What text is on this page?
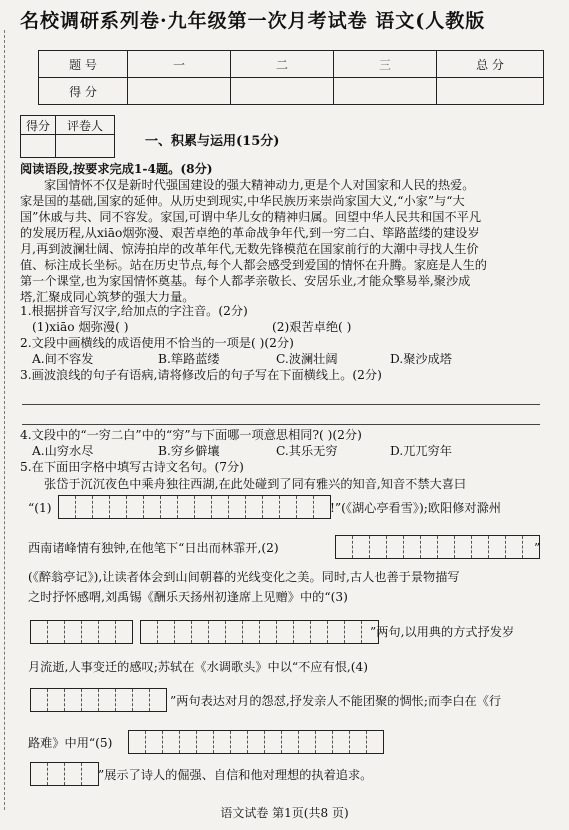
名校调研系列卷·九年级第一次月考试卷 语文(人教版
题 号	一	二	三	总 分
得 分				
得分	评卷人

一、积累与运用(15分)
阅读语段,按要求完成1-4题。(8分)
家国情怀不仅是新时代强国建设的强大精神动力,更是个人对国家和人民的热爱。
家是国的基础,国家的延伸。从历史到现实,中华民族历来崇尚家国大义,“小家”与“大
国”休戚与共、同不容发。家国,可谓中华儿女的精神归属。回望中华人民共和国不平凡
的发展历程,从xiāo烟弥漫、艰苦卓绝的革命战争年代,到一穷二白、筚路蓝缕的建设岁
月,再到波澜壮阔、惊涛拍岸的改革年代,无数先锋模范在国家前行的大潮中寻找人生价
值、标注成长坐标。站在历史节点,每个人都会感受到爱国的情怀在升腾。家庭是人生的
第一个课堂,也为家国情怀奠基。每个人都孝亲敬长、安居乐业,才能众擎易举,聚沙成
塔,汇聚成同心筑梦的强大力量。
1.根据拼音写汉字,给加点的字注音。(2分)
(1)xiāo 烟弥漫( )	(2)艰苦卓绝( )
2.文段中画横线的成语使用不恰当的一项是( )(2分)
A.间不容发	B.筚路蓝缕	C.波澜壮阔	D.聚沙成塔
3.画波浪线的句子有语病,请将修改后的句子写在下面横线上。(2分)
4.文段中的“一穷二白”中的“穷”与下面哪一项意思相同?( )(2分)
A.山穷水尽	B.穷乡僻壤	C.其乐无穷	D.兀兀穷年
5.在下面田字格中填写古诗文名句。(7分)
张岱于沉沉夜色中乘舟独往西湖,在此处碰到了同有雅兴的知音,知音不禁大喜曰
“(1)	!”(《湖心亭看雪》);欧阳修对滁州
西南诸峰情有独钟,在他笔下“日出而林霏开,(2)	”
(《醉翁亭记》),让读者体会到山间朝暮的光线变化之美。同时,古人也善于景物描写
之时抒怀感喟,刘禹锡《酬乐天扬州初逢席上见赠》中的“(3)
”两句,以用典的方式抒发岁
月流逝,人事变迁的感叹;苏轼在《水调歌头》中以“不应有恨,(4)
”两句表达对月的怨怼,抒发亲人不能团聚的惆怅;而李白在《行
路难》中用“(5)
”展示了诗人的倔强、自信和他对理想的执着追求。
语文试卷 第1页(共8 页)
